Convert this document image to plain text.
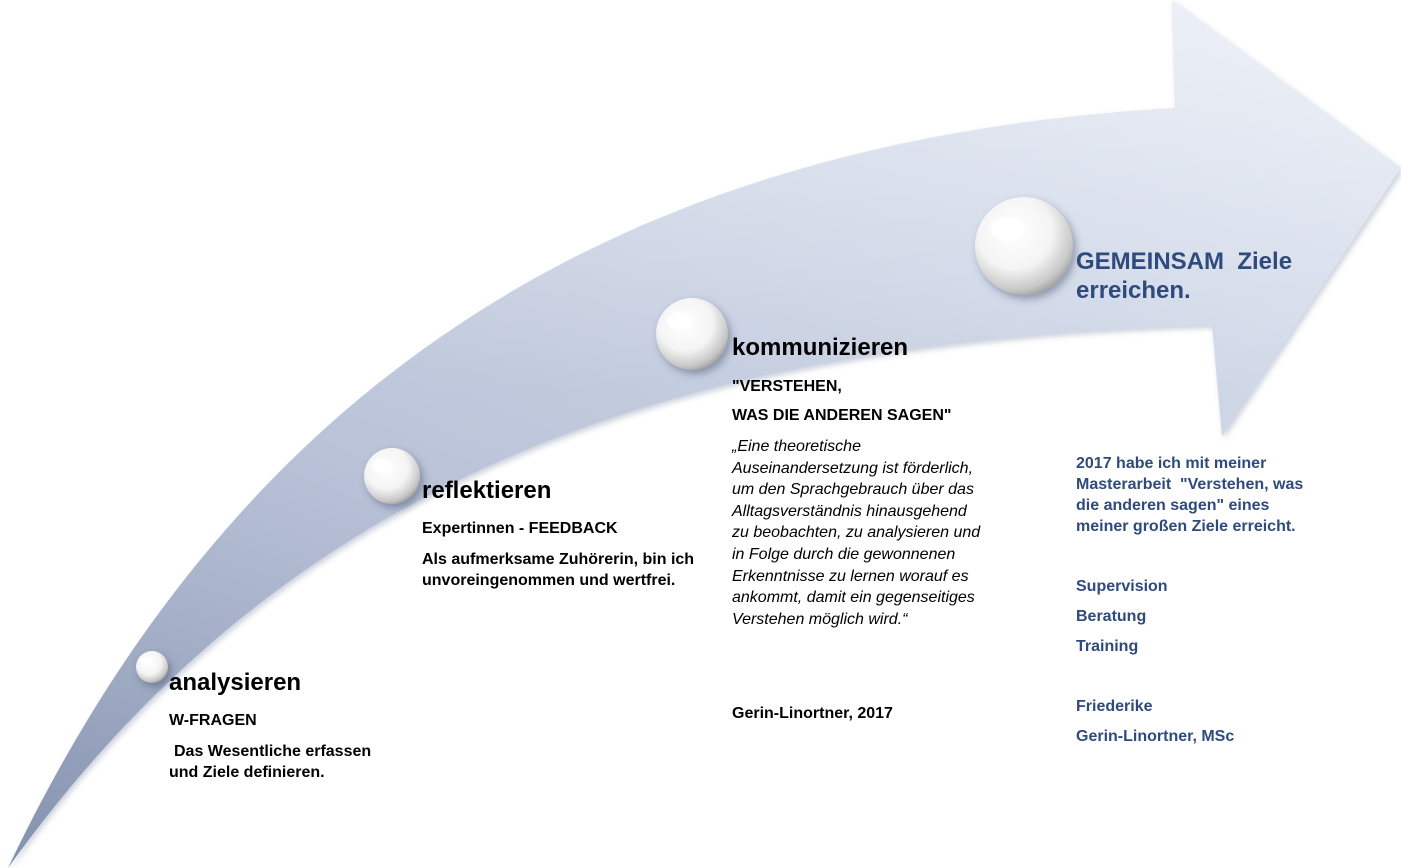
analysieren
W-FRAGEN
Das Wesentliche erfassen und Ziele definieren.
reflektieren
Expertinnen - FEEDBACK
Als aufmerksame Zuhörerin, bin ich unvoreingenommen und wertfrei.
kommunizieren
"VERSTEHEN,
WAS DIE ANDEREN SAGEN"
„Eine theoretische Auseinandersetzung ist förderlich, um den Sprachgebrauch über das Alltagsverständnis hinausgehend zu beobachten, zu analysieren und in Folge durch die gewonnenen Erkenntnisse zu lernen worauf es ankommt, damit ein gegenseitiges Verstehen möglich wird.“
Gerin-Linortner, 2017
GEMEINSAM  Ziele
erreichen.
2017 habe ich mit meiner Masterarbeit  "Verstehen, was die anderen sagen" eines meiner großen Ziele erreicht.
Supervision
Beratung
Training
Friederike
Gerin-Linortner, MSc
